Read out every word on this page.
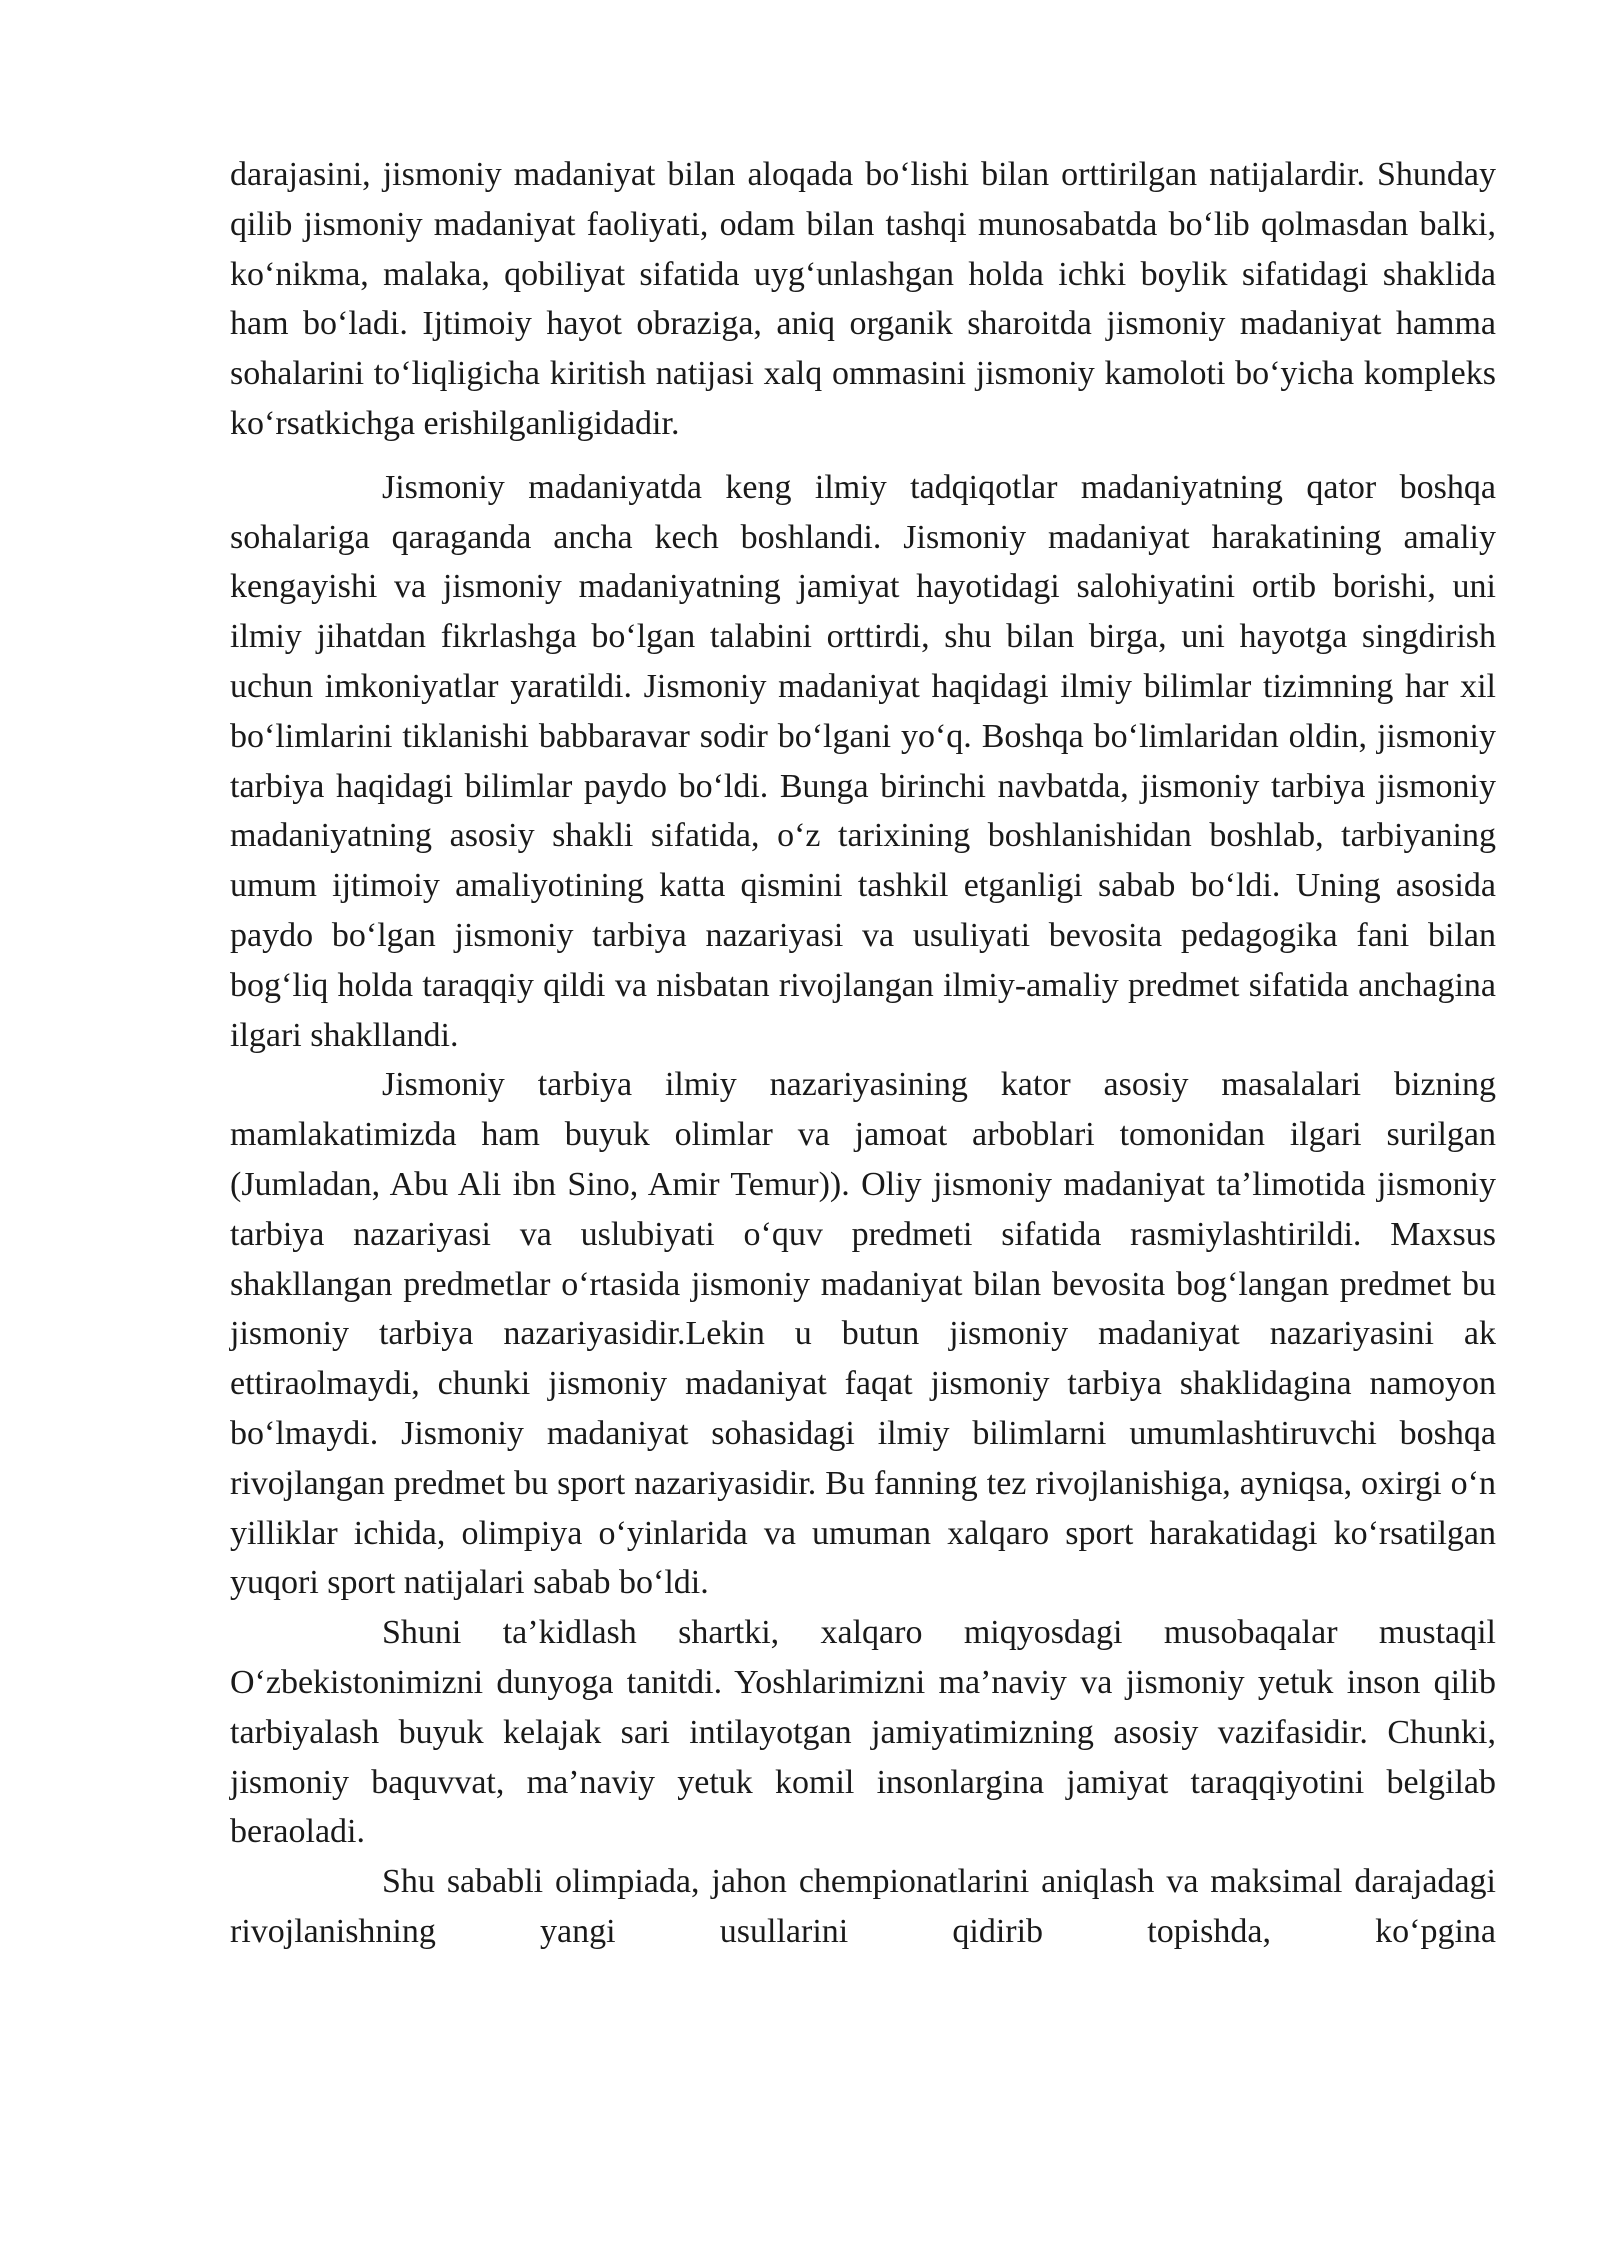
darajasini, jismoniy madaniyat bilan aloqada bo‘lishi bilan orttirilgan natijalardir. Shunday qilib jismoniy madaniyat faoliyati, odam bilan tashqi munosabatda bo‘lib qolmasdan balki, ko‘nikma, malaka, qobiliyat sifatida uyg‘unlashgan holda ichki boylik sifatidagi shaklida ham bo‘ladi. Ijtimoiy hayot obraziga, aniq organik sharoitda jismoniy madaniyat hamma sohalarini to‘liqligicha kiritish natijasi xalq ommasini jismoniy kamoloti bo‘yicha kompleks ko‘rsatkichga erishilganligidadir.

Jismoniy madaniyatda keng ilmiy tadqiqotlar madaniyatning qator boshqa sohalariga qaraganda ancha kech boshlandi. Jismoniy madaniyat harakatining amaliy kengayishi va jismoniy madaniyatning jamiyat hayotidagi salohiyatini ortib borishi, uni ilmiy jihatdan fikrlashga bo‘lgan talabini orttirdi, shu bilan birga, uni hayotga singdirish uchun imkoniyatlar yaratildi. Jismoniy madaniyat haqidagi ilmiy bilimlar tizimning har xil bo‘limlarini tiklanishi babbaravar sodir bo‘lgani yo‘q. Boshqa bo‘limlaridan oldin, jismoniy tarbiya haqidagi bilimlar paydo bo‘ldi. Bunga birinchi navbatda, jismoniy tarbiya jismoniy madaniyatning asosiy shakli sifatida, o‘z tarixining boshlanishidan boshlab, tarbiyaning umum ijtimoiy amaliyotining katta qismini tashkil etganligi sabab bo‘ldi. Uning asosida paydo bo‘lgan jismoniy tarbiya nazariyasi va usuliyati bevosita pedagogika fani bilan bog‘liq holda taraqqiy qildi va nisbatan rivojlangan ilmiy-amaliy predmet sifatida anchagina ilgari shakllandi.

Jismoniy tarbiya ilmiy nazariyasining kator asosiy masalalari bizning mamlakatimizda ham buyuk olimlar va jamoat arboblari tomonidan ilgari surilgan (Jumladan, Abu Ali ibn Sino, Amir Temur)). Oliy jismoniy madaniyat ta’limotida jismoniy tarbiya nazariyasi va uslubiyati o‘quv predmeti sifatida rasmiylashtirildi. Maxsus shakllangan predmetlar o‘rtasida jismoniy madaniyat bilan bevosita bog‘langan predmet bu jismoniy tarbiya nazariyasidir.Lekin u butun jismoniy madaniyat nazariyasini ak ettiraolmaydi, chunki jismoniy madaniyat faqat jismoniy tarbiya shaklidagina namoyon bo‘lmaydi. Jismoniy madaniyat sohasidagi ilmiy bilimlarni umumlashtiruvchi boshqa rivojlangan predmet bu sport nazariyasidir. Bu fanning tez rivojlanishiga, ayniqsa, oxirgi o‘n yilliklar ichida, olimpiya o‘yinlarida va umuman xalqaro sport harakatidagi ko‘rsatilgan yuqori sport natijalari sabab bo‘ldi.

Shuni ta’kidlash shartki, xalqaro miqyosdagi musobaqalar mustaqil O‘zbekistonimizni dunyoga tanitdi. Yoshlarimizni ma’naviy va jismoniy yetuk inson qilib tarbiyalash buyuk kelajak sari intilayotgan jamiyatimizning asosiy vazifasidir. Chunki, jismoniy baquvvat, ma’naviy yetuk komil insonlargina jamiyat taraqqiyotini belgilab beraoladi.

Shu sababli olimpiada, jahon chempionatlarini aniqlash va maksimal darajadagi rivojlanishning yangi usullarini qidirib topishda, ko‘pgina
